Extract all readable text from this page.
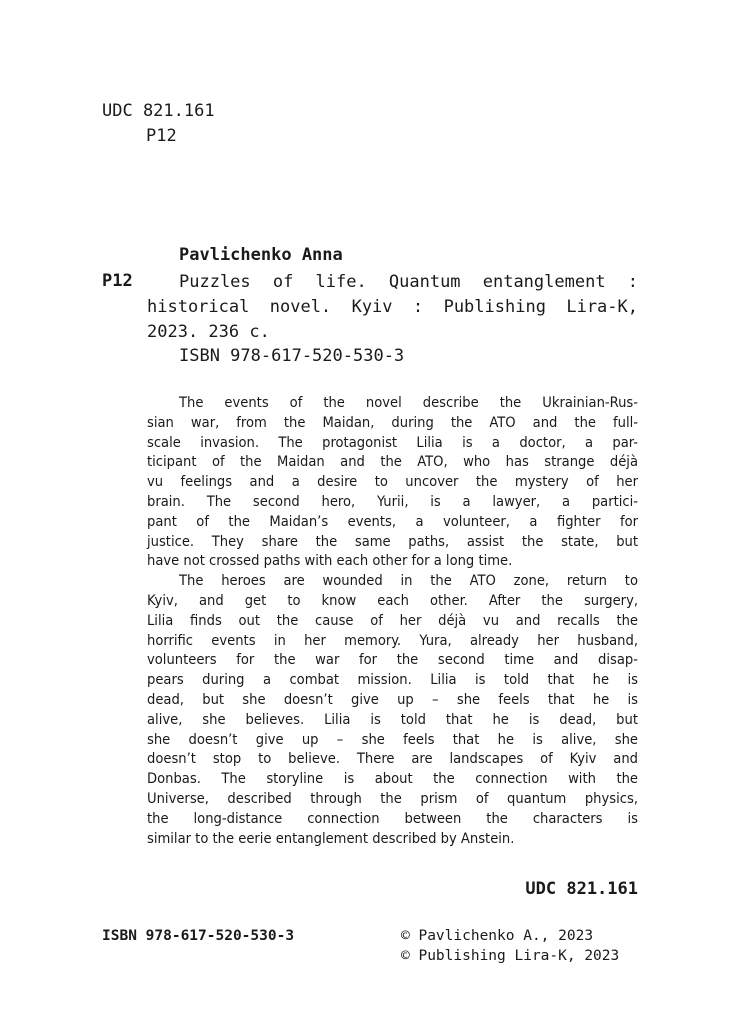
UDC 821.161
P12
Pavlichenko Anna
P12	Puzzles of life. Quantum entanglement :
historical novel. Kyiv : Publishing Lira-K,
2023. 236 c.
ISBN 978-617-520-530-3
The events of the novel describe the Ukrainian-Rus-
sian war, from the Maidan, during the ATO and the full-
scale invasion. The protagonist Lilia is a doctor, a par-
ticipant of the Maidan and the ATO, who has strange déjà
vu feelings and a desire to uncover the mystery of her
brain. The second hero, Yurii, is a lawyer, a partici-
pant of the Maidan’s events, a volunteer, a fighter for
justice. They share the same paths, assist the state, but
have not crossed paths with each other for a long time.
The heroes are wounded in the ATO zone, return to
Kyiv, and get to know each other. After the surgery,
Lilia finds out the cause of her déjà vu and recalls the
horrific events in her memory. Yura, already her husband,
volunteers for the war for the second time and disap-
pears during a combat mission. Lilia is told that he is
dead, but she doesn’t give up – she feels that he is
alive, she believes. Lilia is told that he is dead, but
she doesn’t give up – she feels that he is alive, she
doesn’t stop to believe. There are landscapes of Kyiv and
Donbas. The storyline is about the connection with the
Universe, described through the prism of quantum physics,
the long-distance connection between the characters is
similar to the eerie entanglement described by Anstein.
UDC 821.161
ISBN 978-617-520-530-3	© Pavlichenko A., 2023
© Publishing Lira-K, 2023
